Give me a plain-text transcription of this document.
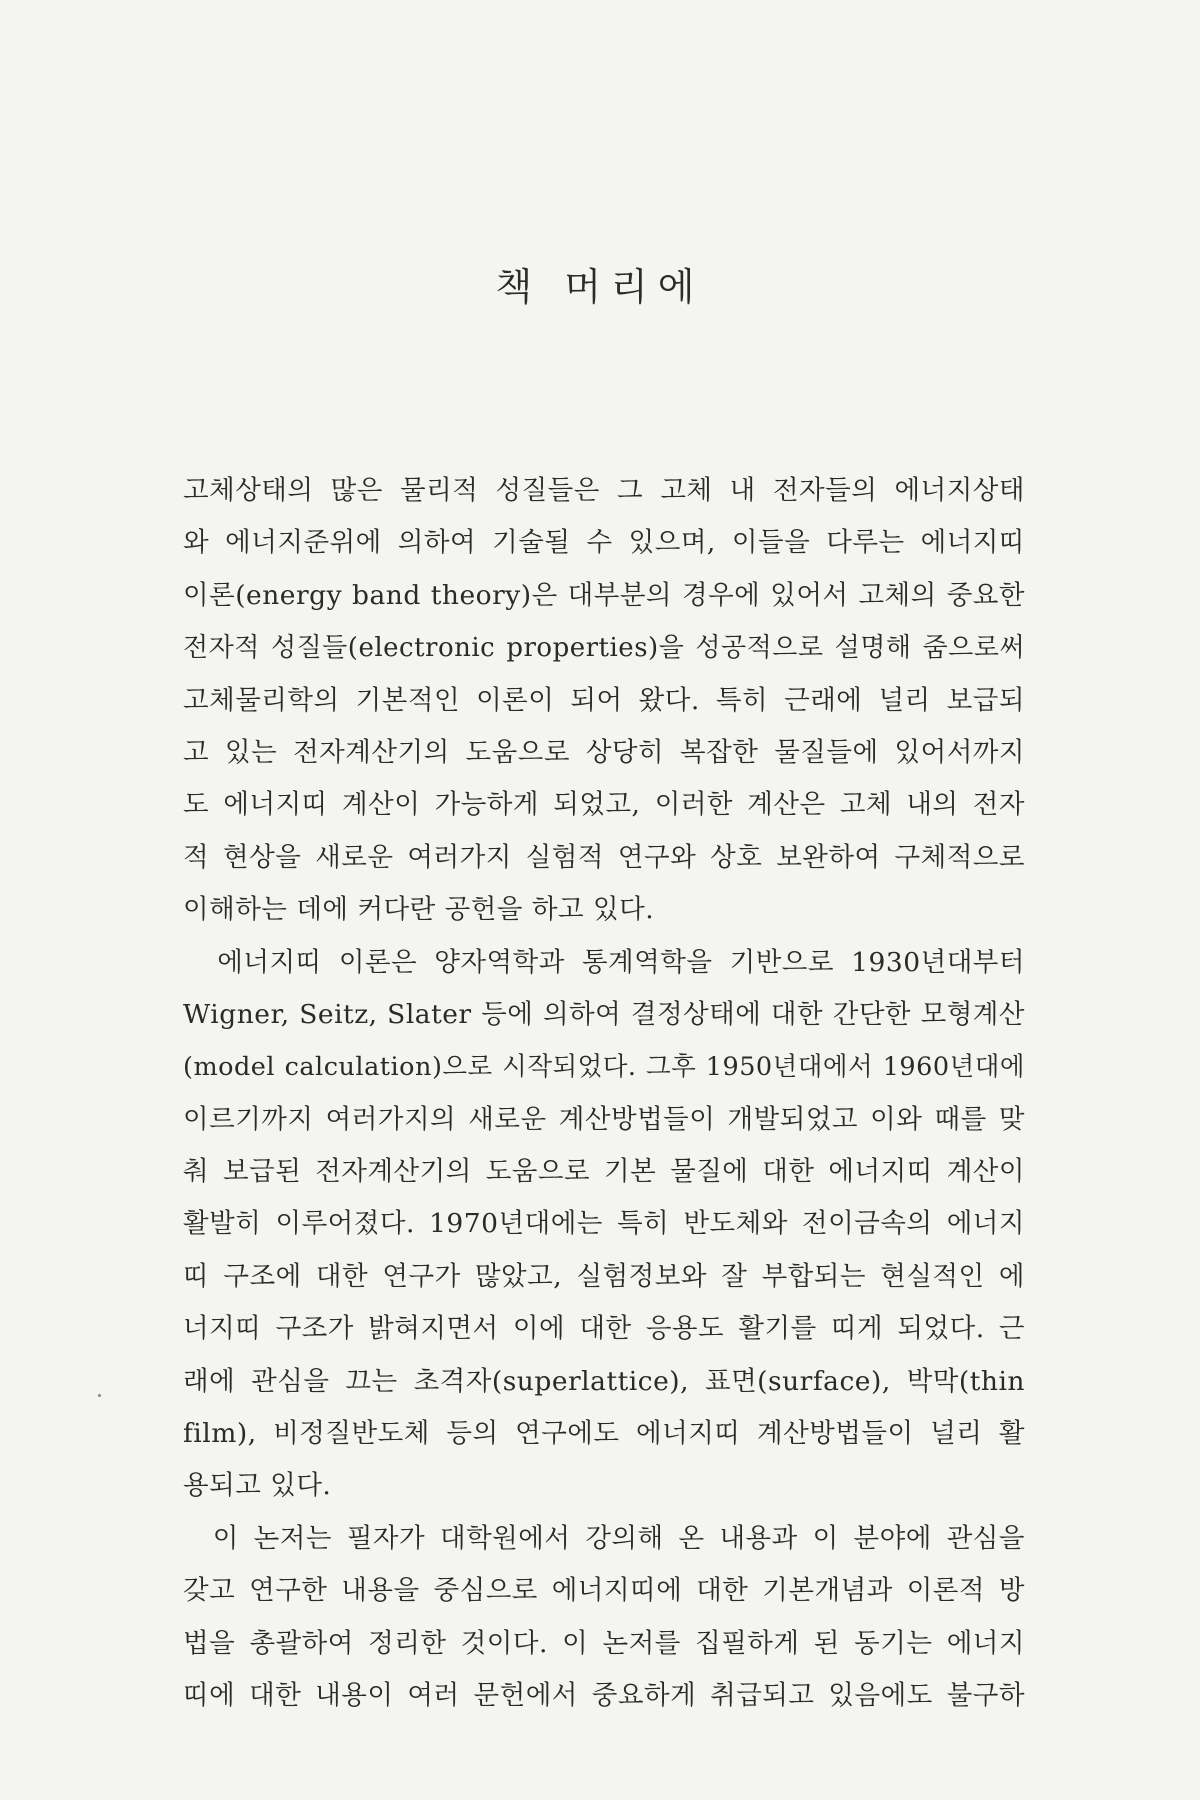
책 머리에
고체상태의 많은 물리적 성질들은 그 고체 내 전자들의 에너지상태
와 에너지준위에 의하여 기술될 수 있으며, 이들을 다루는 에너지띠
이론(energy band theory)은 대부분의 경우에 있어서 고체의 중요한
전자적 성질들(electronic properties)을 성공적으로 설명해 줌으로써
고체물리학의 기본적인 이론이 되어 왔다. 특히 근래에 널리 보급되
고 있는 전자계산기의 도움으로 상당히 복잡한 물질들에 있어서까지
도 에너지띠 계산이 가능하게 되었고, 이러한 계산은 고체 내의 전자
적 현상을 새로운 여러가지 실험적 연구와 상호 보완하여 구체적으로
이해하는 데에 커다란 공헌을 하고 있다.
에너지띠 이론은 양자역학과 통계역학을 기반으로 1930년대부터
Wigner, Seitz, Slater 등에 의하여 결정상태에 대한 간단한 모형계산
(model calculation)으로 시작되었다. 그후 1950년대에서 1960년대에
이르기까지 여러가지의 새로운 계산방법들이 개발되었고 이와 때를 맞
춰 보급된 전자계산기의 도움으로 기본 물질에 대한 에너지띠 계산이
활발히 이루어졌다. 1970년대에는 특히 반도체와 전이금속의 에너지
띠 구조에 대한 연구가 많았고, 실험정보와 잘 부합되는 현실적인 에
너지띠 구조가 밝혀지면서 이에 대한 응용도 활기를 띠게 되었다. 근
래에 관심을 끄는 초격자(superlattice), 표면(surface), 박막(thin
film), 비정질반도체 등의 연구에도 에너지띠 계산방법들이 널리 활
용되고 있다.
이 논저는 필자가 대학원에서 강의해 온 내용과 이 분야에 관심을
갖고 연구한 내용을 중심으로 에너지띠에 대한 기본개념과 이론적 방
법을 총괄하여 정리한 것이다. 이 논저를 집필하게 된 동기는 에너지
띠에 대한 내용이 여러 문헌에서 중요하게 취급되고 있음에도 불구하
